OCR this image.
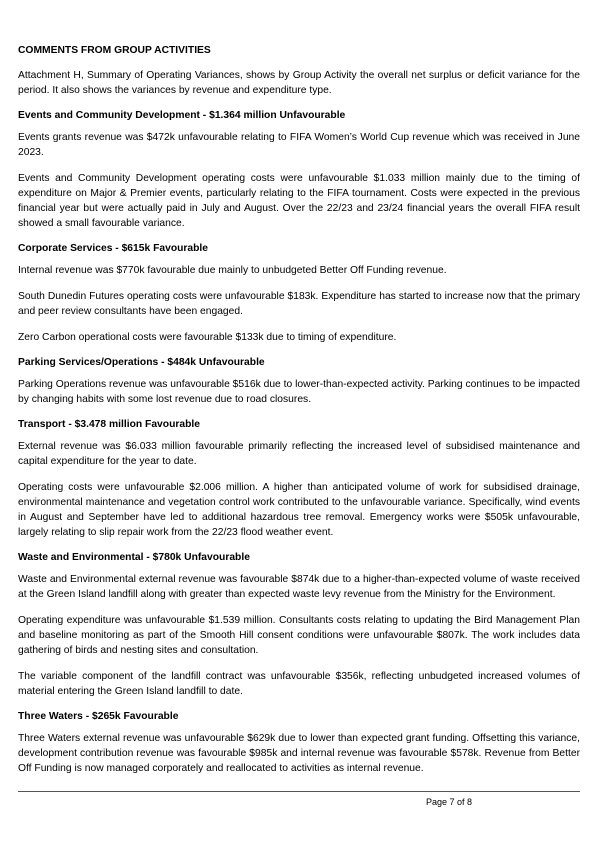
COMMENTS FROM GROUP ACTIVITIES

Attachment H, Summary of Operating Variances, shows by Group Activity the overall net surplus or deficit variance for the period. It also shows the variances by revenue and expenditure type.

Events and Community Development - $1.364 million Unfavourable

Events grants revenue was $472k unfavourable relating to FIFA Women’s World Cup revenue which was received in June 2023.

Events and Community Development operating costs were unfavourable $1.033 million mainly due to the timing of expenditure on Major & Premier events, particularly relating to the FIFA tournament. Costs were expected in the previous financial year but were actually paid in July and August. Over the 22/23 and 23/24 financial years the overall FIFA result showed a small favourable variance.

Corporate Services - $615k Favourable

Internal revenue was $770k favourable due mainly to unbudgeted Better Off Funding revenue.

South Dunedin Futures operating costs were unfavourable $183k. Expenditure has started to increase now that the primary and peer review consultants have been engaged.

Zero Carbon operational costs were favourable $133k due to timing of expenditure.

Parking Services/Operations - $484k Unfavourable

Parking Operations revenue was unfavourable $516k due to lower-than-expected activity. Parking continues to be impacted by changing habits with some lost revenue due to road closures.

Transport - $3.478 million Favourable

External revenue was $6.033 million favourable primarily reflecting the increased level of subsidised maintenance and capital expenditure for the year to date.

Operating costs were unfavourable $2.006 million. A higher than anticipated volume of work for subsidised drainage, environmental maintenance and vegetation control work contributed to the unfavourable variance. Specifically, wind events in August and September have led to additional hazardous tree removal. Emergency works were $505k unfavourable, largely relating to slip repair work from the 22/23 flood weather event.

Waste and Environmental - $780k Unfavourable

Waste and Environmental external revenue was favourable $874k due to a higher-than-expected volume of waste received at the Green Island landfill along with greater than expected waste levy revenue from the Ministry for the Environment.

Operating expenditure was unfavourable $1.539 million. Consultants costs relating to updating the Bird Management Plan and baseline monitoring as part of the Smooth Hill consent conditions were unfavourable $807k. The work includes data gathering of birds and nesting sites and consultation.

The variable component of the landfill contract was unfavourable $356k, reflecting unbudgeted increased volumes of material entering the Green Island landfill to date.

Three Waters - $265k Favourable

Three Waters external revenue was unfavourable $629k due to lower than expected grant funding. Offsetting this variance, development contribution revenue was favourable $985k and internal revenue was favourable $578k. Revenue from Better Off Funding is now managed corporately and reallocated to activities as internal revenue.

Page 7 of 8
